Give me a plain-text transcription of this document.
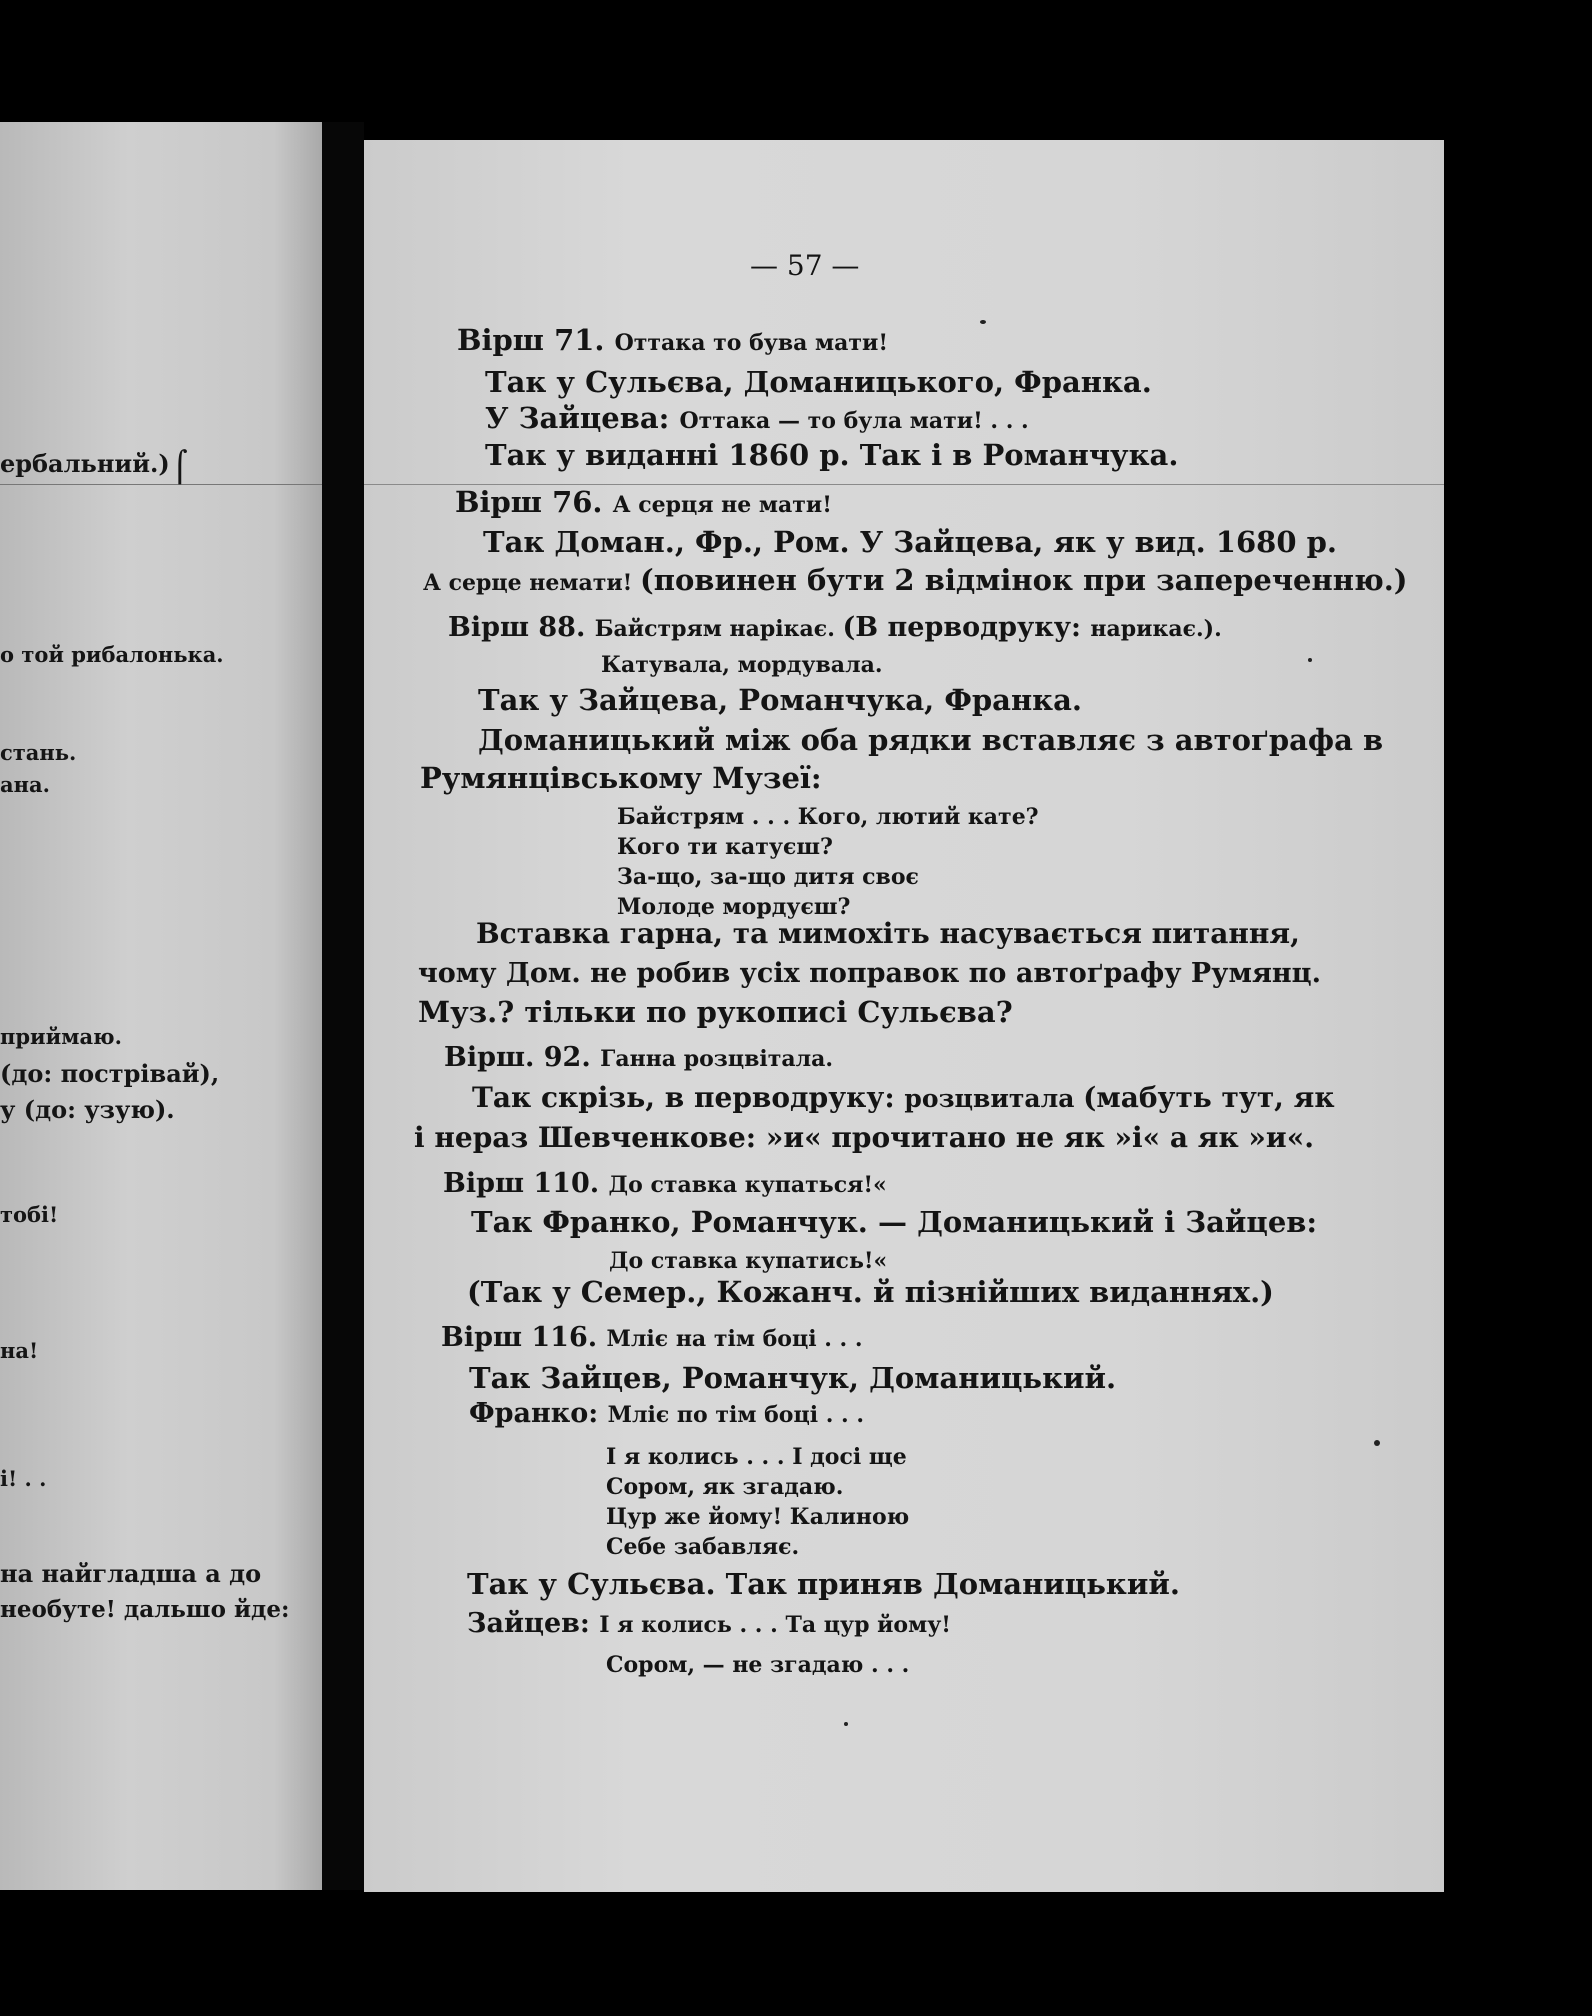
ербальний.) ⌠
о той рибалонька.
стань.
ана.
приймаю.
(до: пострівай),
у (до: узую).
тобі!
на!
і! . .
на найгладша а до
необуте! дальшо йде:
— 57 —
Вірш 71. Оттака то бува мати!
Так у Сульєва, Доманицького, Франка.
У Зайцева: Оттака — то була мати! . . .
Так у виданні 1860 р. Так і в Романчука.
Вірш 76. А серця не мати!
Так Доман., Фр., Ром. У Зайцева, як у вид. 1680 р.
А серце немати! (повинен бути 2 відмінок при запереченню.)
Вірш 88. Байстрям нарікає. (В перводруку: нарикає.).
Катувала, мордувала.
Так у Зайцева, Романчука, Франка.
Доманицький між оба рядки вставляє з автоґрафа в
Румянцівському Музеї:
Байстрям . . . Кого, лютий кате?
Кого ти катуєш?
За-що, за-що дитя своє
Молоде мордуєш?
Вставка гарна, та мимохіть насувається питання,
чому Дом. не робив усіх поправок по автоґрафу Румянц.
Муз.? тільки по рукописі Сульєва?
Вірш. 92. Ганна розцвітала.
Так скрізь, в перводруку: розцвитала (мабуть тут, як
і нераз Шевченкове: »и« прочитано не як »і« а як »и«.
Вірш 110. До ставка купаться!«
Так Франко, Романчук. — Доманицький і Зайцев:
До ставка купатись!«
(Так у Семер., Кожанч. й пізнійших виданнях.)
Вірш 116. Мліє на тім боці . . .
Так Зайцев, Романчук, Доманицький.
Франко: Мліє по тім боці . . .
І я колись . . . І досі ще
Сором, як згадаю.
Цур же йому! Калиною
Себе забавляє.
Так у Сульєва. Так приняв Доманицький.
Зайцев: І я колись . . . Та цур йому!
Сором, — не згадаю . . .
